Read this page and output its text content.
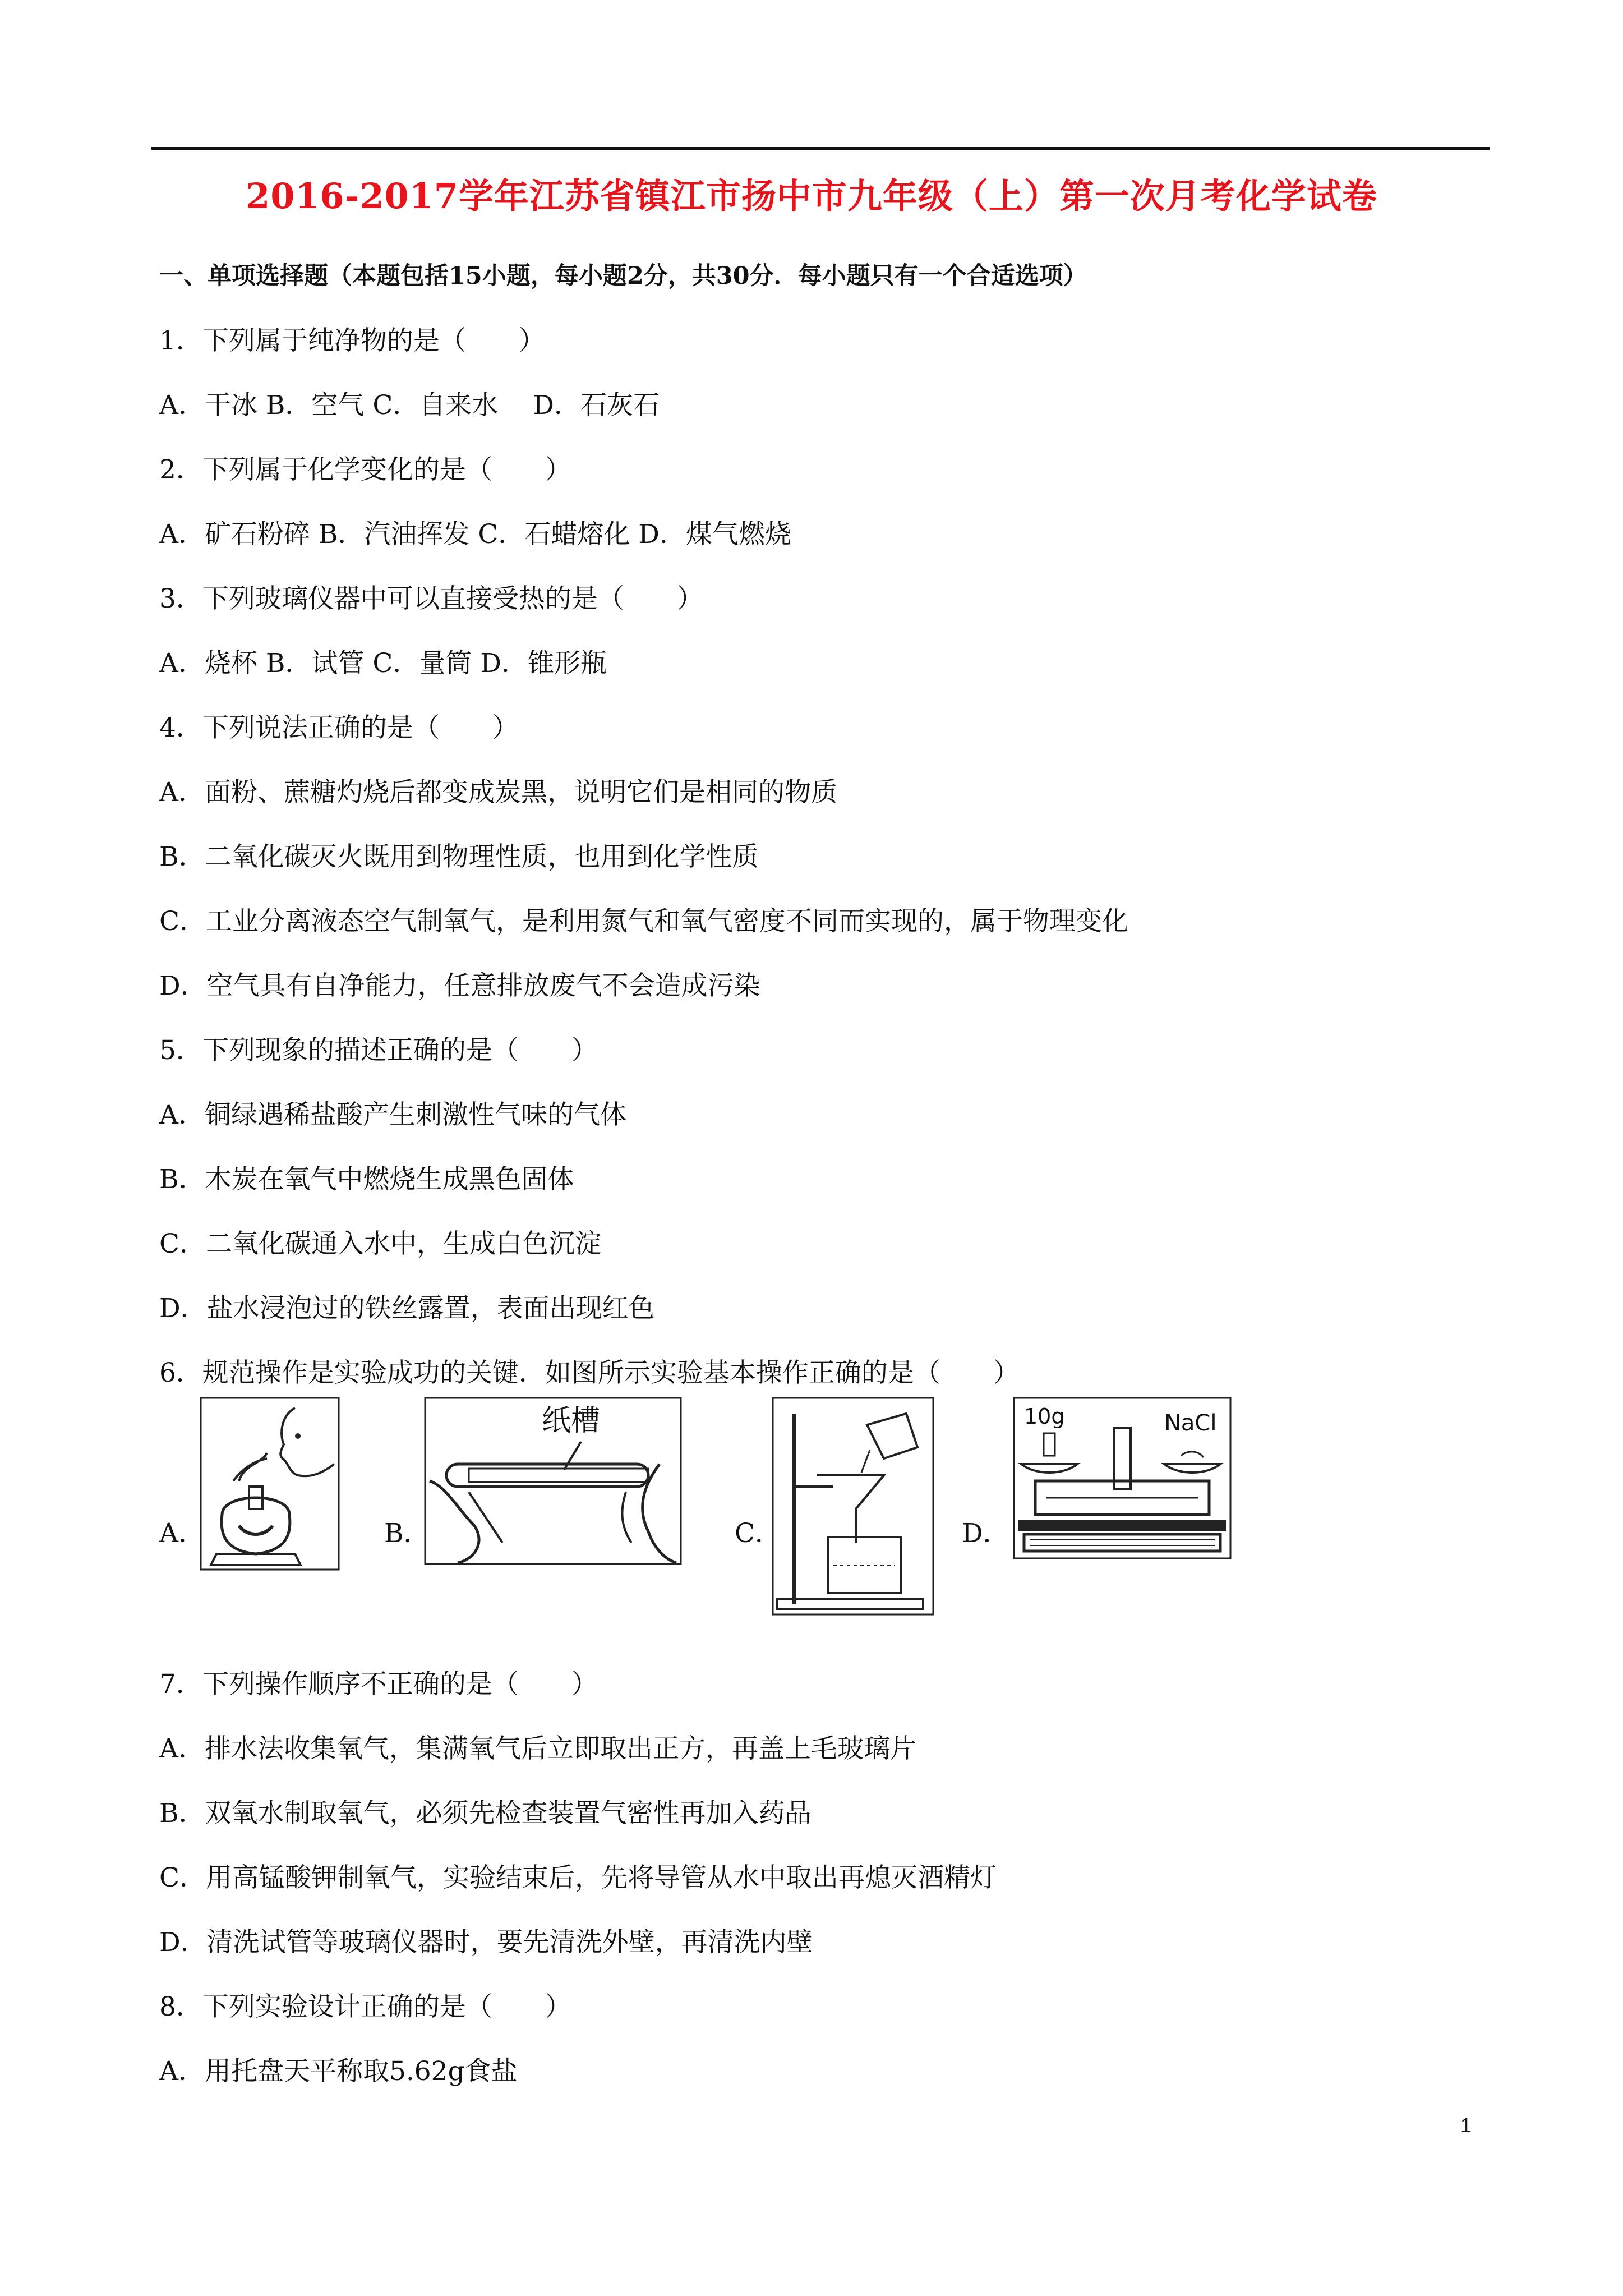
2016-2017学年江苏省镇江市扬中市九年级（上）第一次月考化学试卷
一、单项选择题（本题包括15小题，每小题2分，共30分．每小题只有一个合适选项）
1．下列属于纯净物的是（　　）
A．干冰 B．空气 C．自来水　 D．石灰石
2．下列属于化学变化的是（　　）
A．矿石粉碎 B．汽油挥发 C．石蜡熔化 D．煤气燃烧
3．下列玻璃仪器中可以直接受热的是（　　）
A．烧杯 B．试管 C．量筒 D．锥形瓶
4．下列说法正确的是（　　）
A．面粉、蔗糖灼烧后都变成炭黑，说明它们是相同的物质
B．二氧化碳灭火既用到物理性质，也用到化学性质
C．工业分离液态空气制氧气，是利用氮气和氧气密度不同而实现的，属于物理变化
D．空气具有自净能力，任意排放废气不会造成污染
5．下列现象的描述正确的是（　　）
A．铜绿遇稀盐酸产生刺激性气味的气体
B．木炭在氧气中燃烧生成黑色固体
C．二氧化碳通入水中，生成白色沉淀
D．盐水浸泡过的铁丝露置，表面出现红色
6．规范操作是实验成功的关键．如图所示实验基本操作正确的是（　　）
A．	B．
纸槽
C．	D．
10g	NaCl
7．下列操作顺序不正确的是（　　）
A．排水法收集氧气，集满氧气后立即取出正方，再盖上毛玻璃片
B．双氧水制取氧气，必须先检查装置气密性再加入药品
C．用高锰酸钾制氧气，实验结束后，先将导管从水中取出再熄灭酒精灯
D．清洗试管等玻璃仪器时，要先清洗外壁，再清洗内壁
8．下列实验设计正确的是（　　）
A．用托盘天平称取5.62g食盐
1
